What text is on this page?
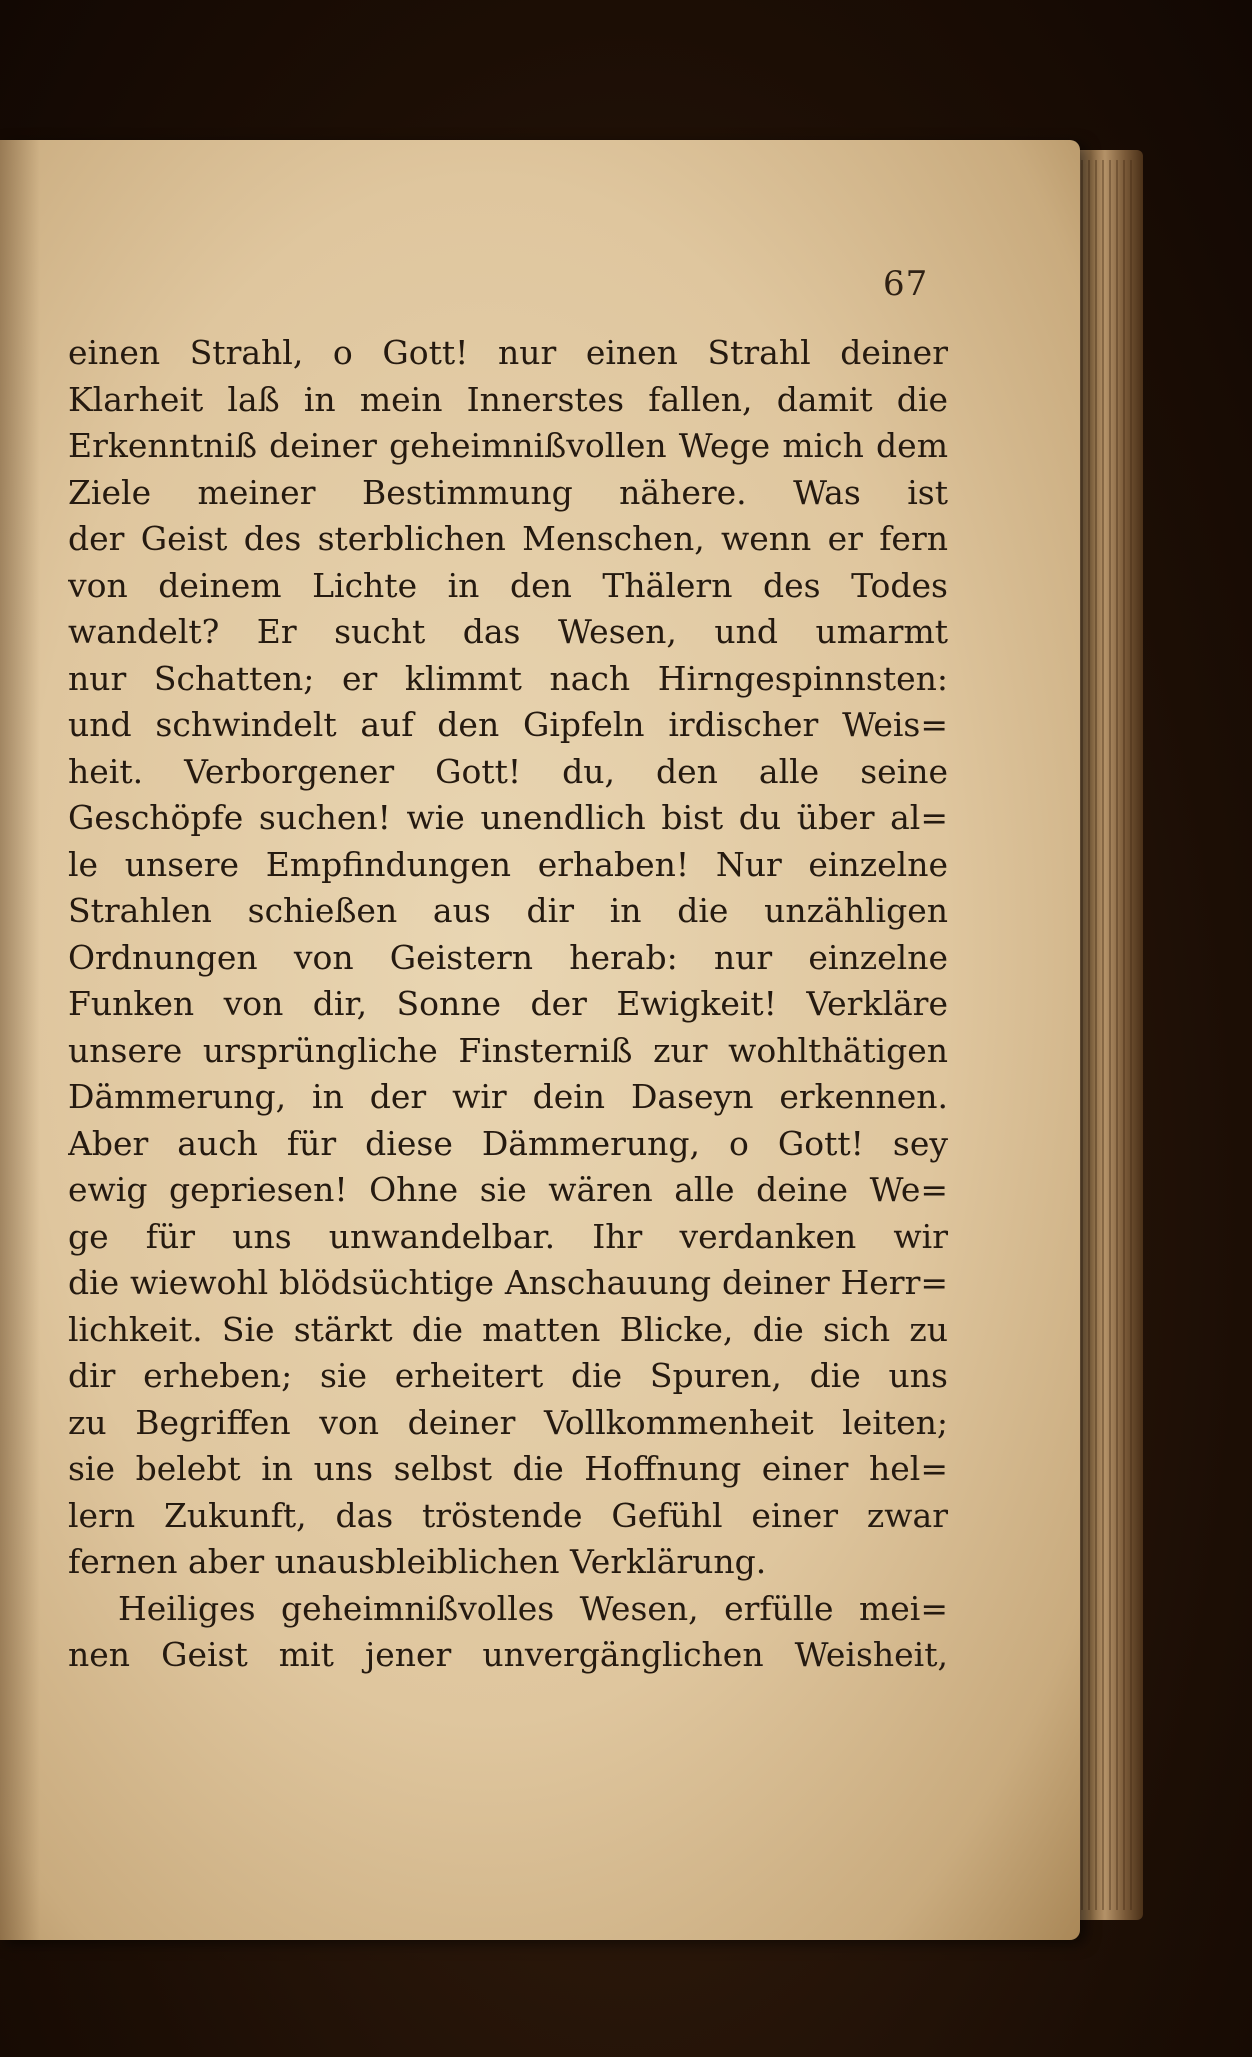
67
einen Strahl, o Gott! nur einen Strahl deiner
Klarheit laß in mein Innerstes fallen, damit die
Erkenntniß deiner geheimnißvollen Wege mich dem
Ziele meiner Bestimmung nähere. Was ist
der Geist des sterblichen Menschen, wenn er fern
von deinem Lichte in den Thälern des Todes
wandelt? Er sucht das Wesen, und umarmt
nur Schatten; er klimmt nach Hirngespinnsten:
und schwindelt auf den Gipfeln irdischer Weis=
heit. Verborgener Gott! du, den alle seine
Geschöpfe suchen! wie unendlich bist du über al=
le unsere Empfindungen erhaben! Nur einzelne
Strahlen schießen aus dir in die unzähligen
Ordnungen von Geistern herab: nur einzelne
Funken von dir, Sonne der Ewigkeit! Verkläre
unsere ursprüngliche Finsterniß zur wohlthätigen
Dämmerung, in der wir dein Daseyn erkennen.
Aber auch für diese Dämmerung, o Gott! sey
ewig gepriesen! Ohne sie wären alle deine We=
ge für uns unwandelbar. Ihr verdanken wir
die wiewohl blödsüchtige Anschauung deiner Herr=
lichkeit. Sie stärkt die matten Blicke, die sich zu
dir erheben; sie erheitert die Spuren, die uns
zu Begriffen von deiner Vollkommenheit leiten;
sie belebt in uns selbst die Hoffnung einer hel=
lern Zukunft, das tröstende Gefühl einer zwar
fernen aber unausbleiblichen Verklärung.
Heiliges geheimnißvolles Wesen, erfülle mei=
nen Geist mit jener unvergänglichen Weisheit,
